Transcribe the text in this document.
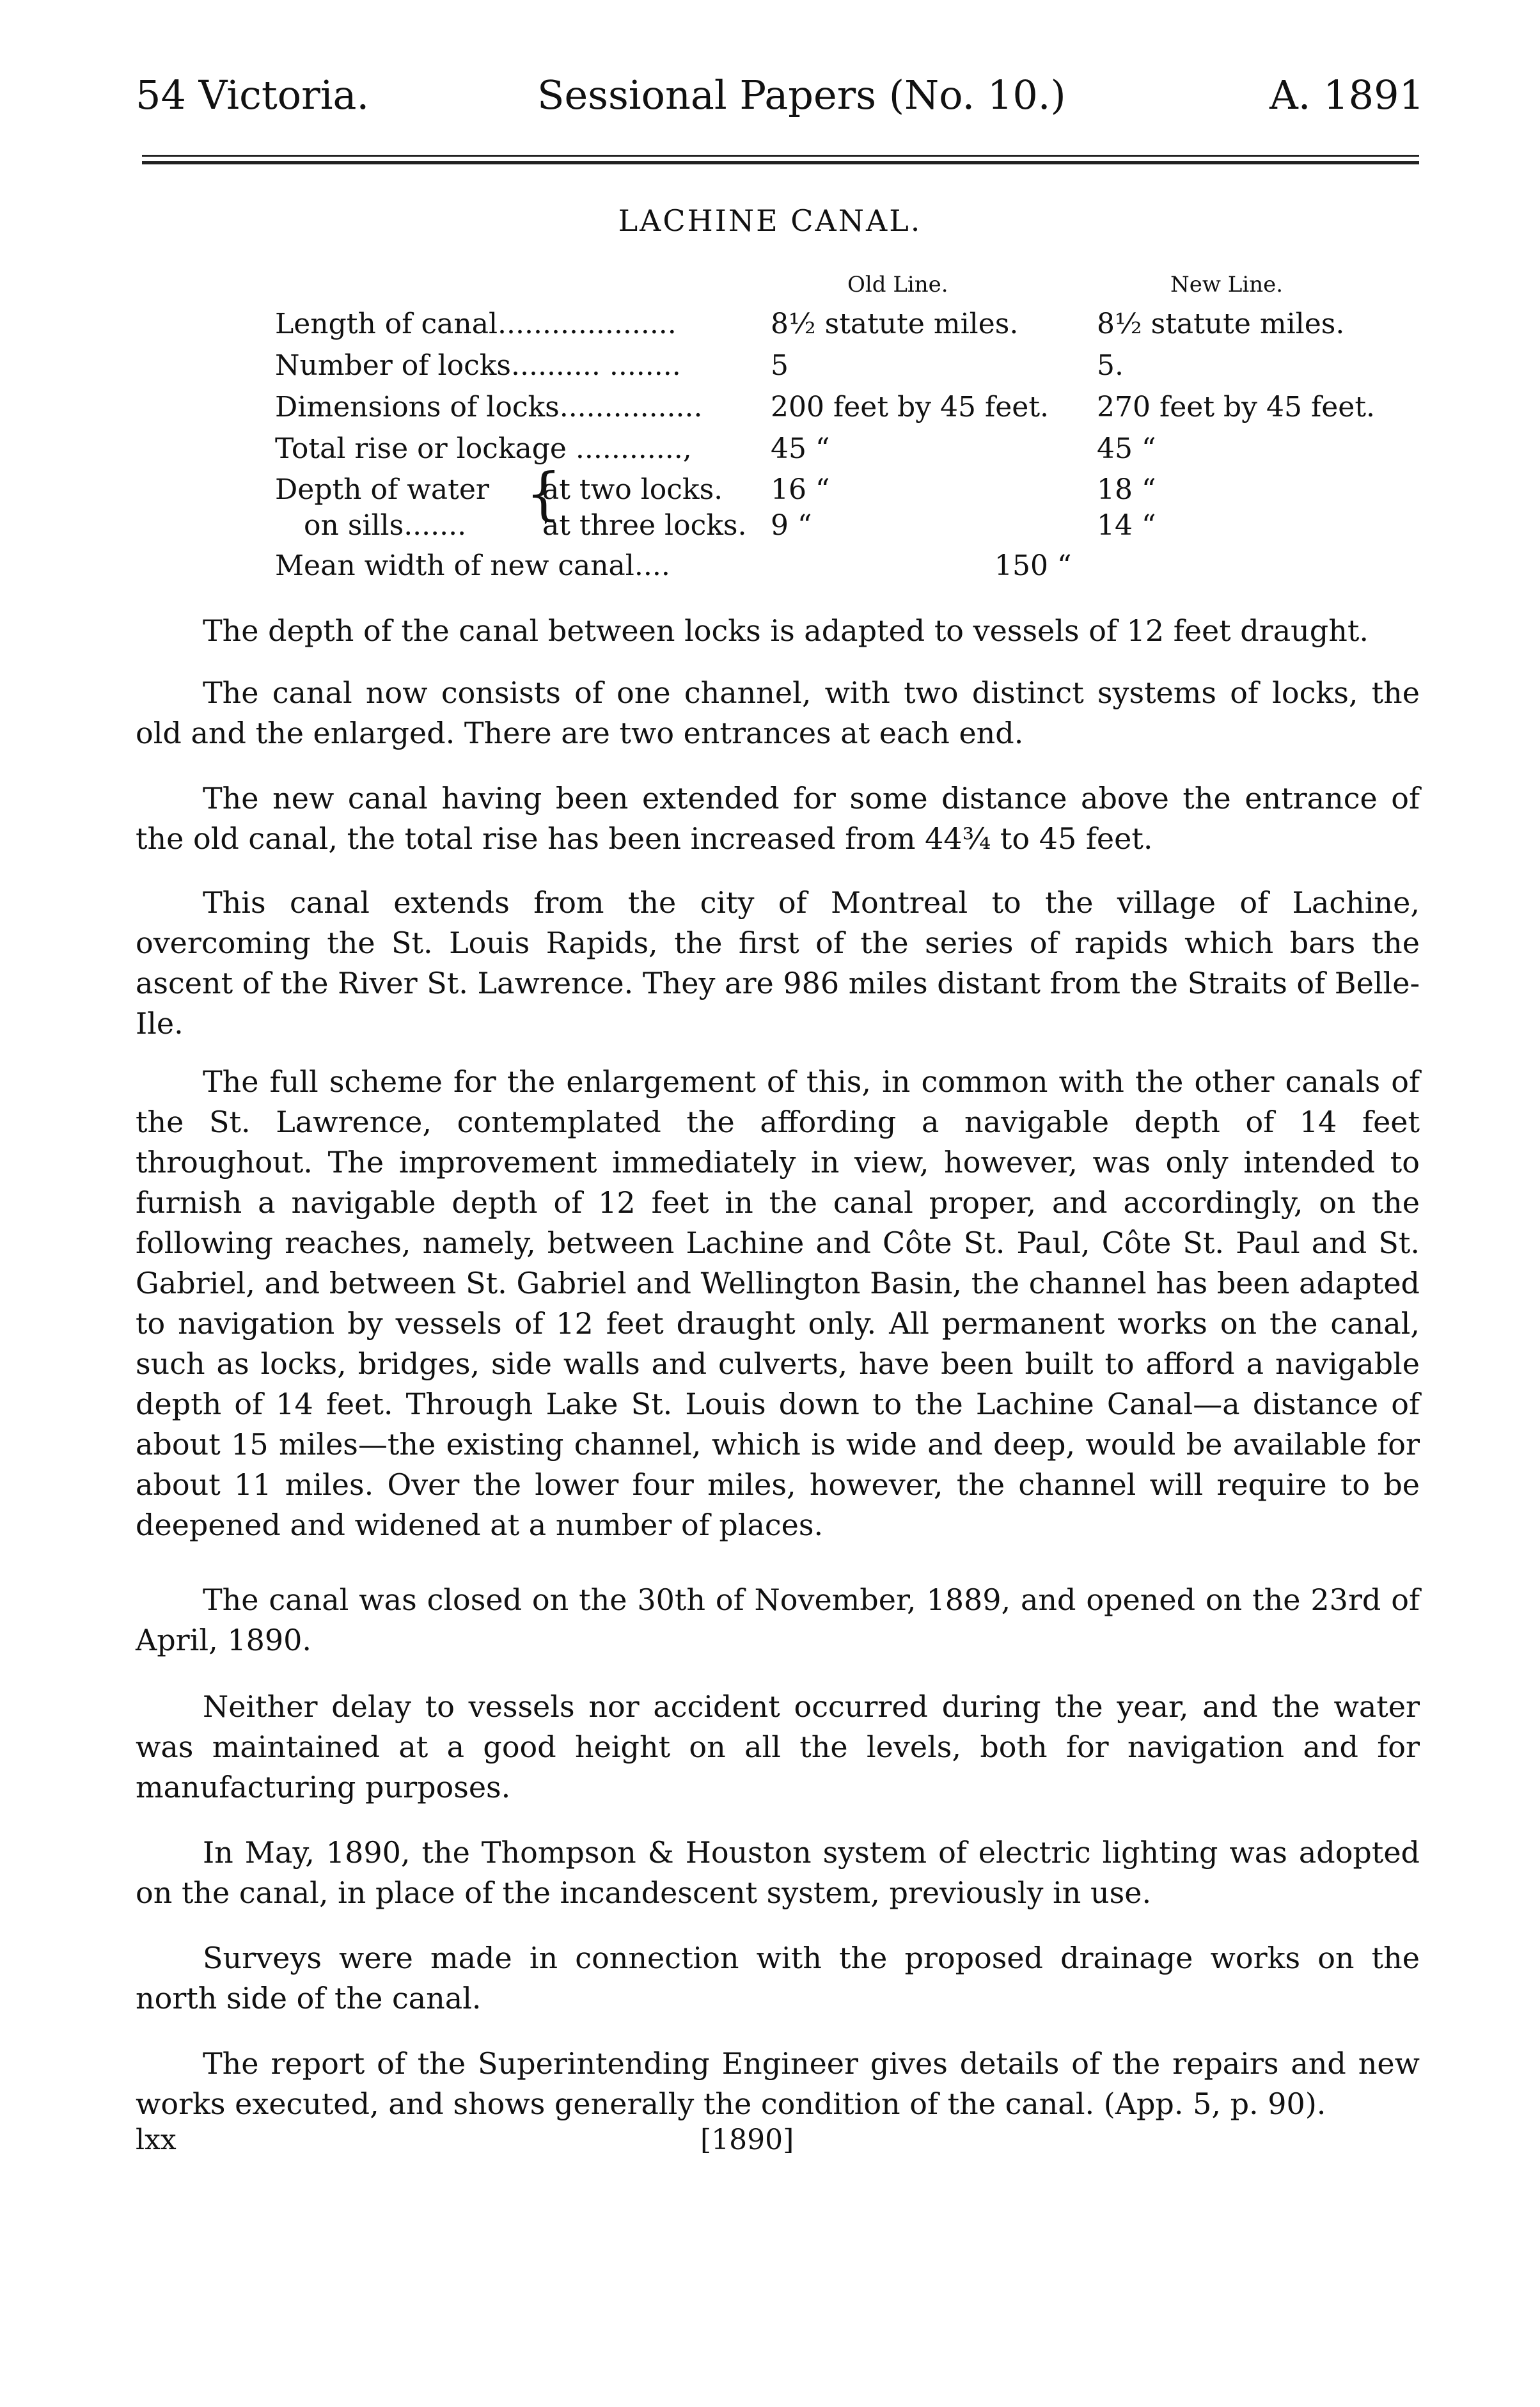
54 Victoria.	Sessional Papers (No. 10.)	A. 1891
LACHINE CANAL.
Old Line.	New Line.
Length of canal....................	8½ statute miles.	8½ statute miles.
Number of locks.......... ........	5	5.
Dimensions of locks................ 200 feet by 45 feet. 270 feet by 45 feet.
Total rise or lockage ............,	45 “	45 “
{
Depth of water at two locks. 16 “	18 “
on sills.......	at three locks. 9 “	14 “
Mean width of new canal....	150 “

The depth of the canal between locks is adapted to vessels of 12 feet draught.

The canal now consists of one channel, with two distinct systems of locks, the old and the enlarged. There are two entrances at each end.

The new canal having been extended for some distance above the entrance of the old canal, the total rise has been increased from 44¾ to 45 feet.

This canal extends from the city of Montreal to the village of Lachine, overcoming the St. Louis Rapids, the first of the series of rapids which bars the ascent of the River St. Lawrence. They are 986 miles distant from the Straits of Belle-Ile.

The full scheme for the enlargement of this, in common with the other canals of the St. Lawrence, contemplated the affording a navigable depth of 14 feet throughout. The improvement immediately in view, however, was only intended to furnish a navigable depth of 12 feet in the canal proper, and accordingly, on the following reaches, namely, between Lachine and Côte St. Paul, Côte St. Paul and St. Gabriel, and between St. Gabriel and Wellington Basin, the channel has been adapted to navigation by vessels of 12 feet draught only. All permanent works on the canal, such as locks, bridges, side walls and culverts, have been built to afford a navigable depth of 14 feet. Through Lake St. Louis down to the Lachine Canal—a distance of about 15 miles—the existing channel, which is wide and deep, would be available for about 11 miles. Over the lower four miles, however, the channel will require to be deepened and widened at a number of places.

The canal was closed on the 30th of November, 1889, and opened on the 23rd of April, 1890.

Neither delay to vessels nor accident occurred during the year, and the water was maintained at a good height on all the levels, both for navigation and for manufacturing purposes.

In May, 1890, the Thompson & Houston system of electric lighting was adopted on the canal, in place of the incandescent system, previously in use.

Surveys were made in connection with the proposed drainage works on the north side of the canal.

The report of the Superintending Engineer gives details of the repairs and new works executed, and shows generally the condition of the canal. (App. 5, p. 90).

lxx	[1890]
